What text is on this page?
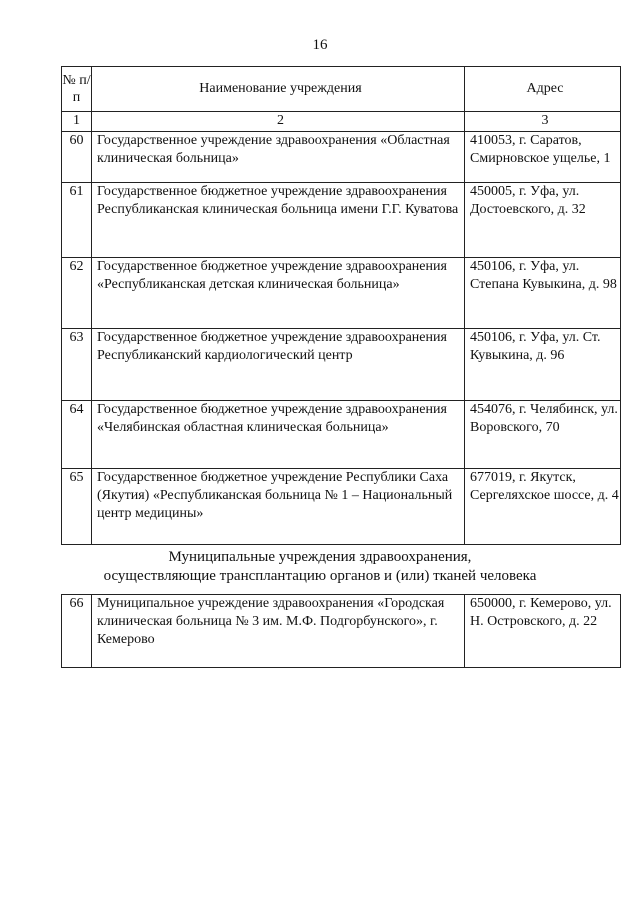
16
№ п/п	Наименование учреждения	Адрес
1	2	3
60	Государственное учреждение здравоохранения «Областная клиническая больница»	410053, г. Саратов, Смирновское ущелье, 1
61	Государственное бюджетное учреждение здравоохранения Республиканская клиническая больница имени Г.Г. Куватова	450005, г. Уфа, ул. Достоевского, д. 32
62	Государственное бюджетное учреждение здравоохранения «Республиканская детская клиническая больница»	450106, г. Уфа, ул. Степана Кувыкина, д. 98
63	Государственное бюджетное учреждение здравоохранения Республиканский кардиологический центр	450106, г. Уфа, ул. Ст. Кувыкина, д. 96
64	Государственное бюджетное учреждение здравоохранения «Челябинская областная клиническая больница»	454076, г. Челябинск, ул. Воровского, 70
65	Государственное бюджетное учреждение Республики Саха (Якутия) «Республиканская больница № 1 – Национальный центр медицины»	677019, г. Якутск, Сергеляхское шоссе, д. 4
Муниципальные учреждения здравоохранения,
осуществляющие трансплантацию органов и (или) тканей человека
66	Муниципальное учреждение здравоохранения «Городская клиническая больница № 3 им. М.Ф. Подгорбунского», г. Кемерово	650000, г. Кемерово, ул. Н. Островского, д. 22
